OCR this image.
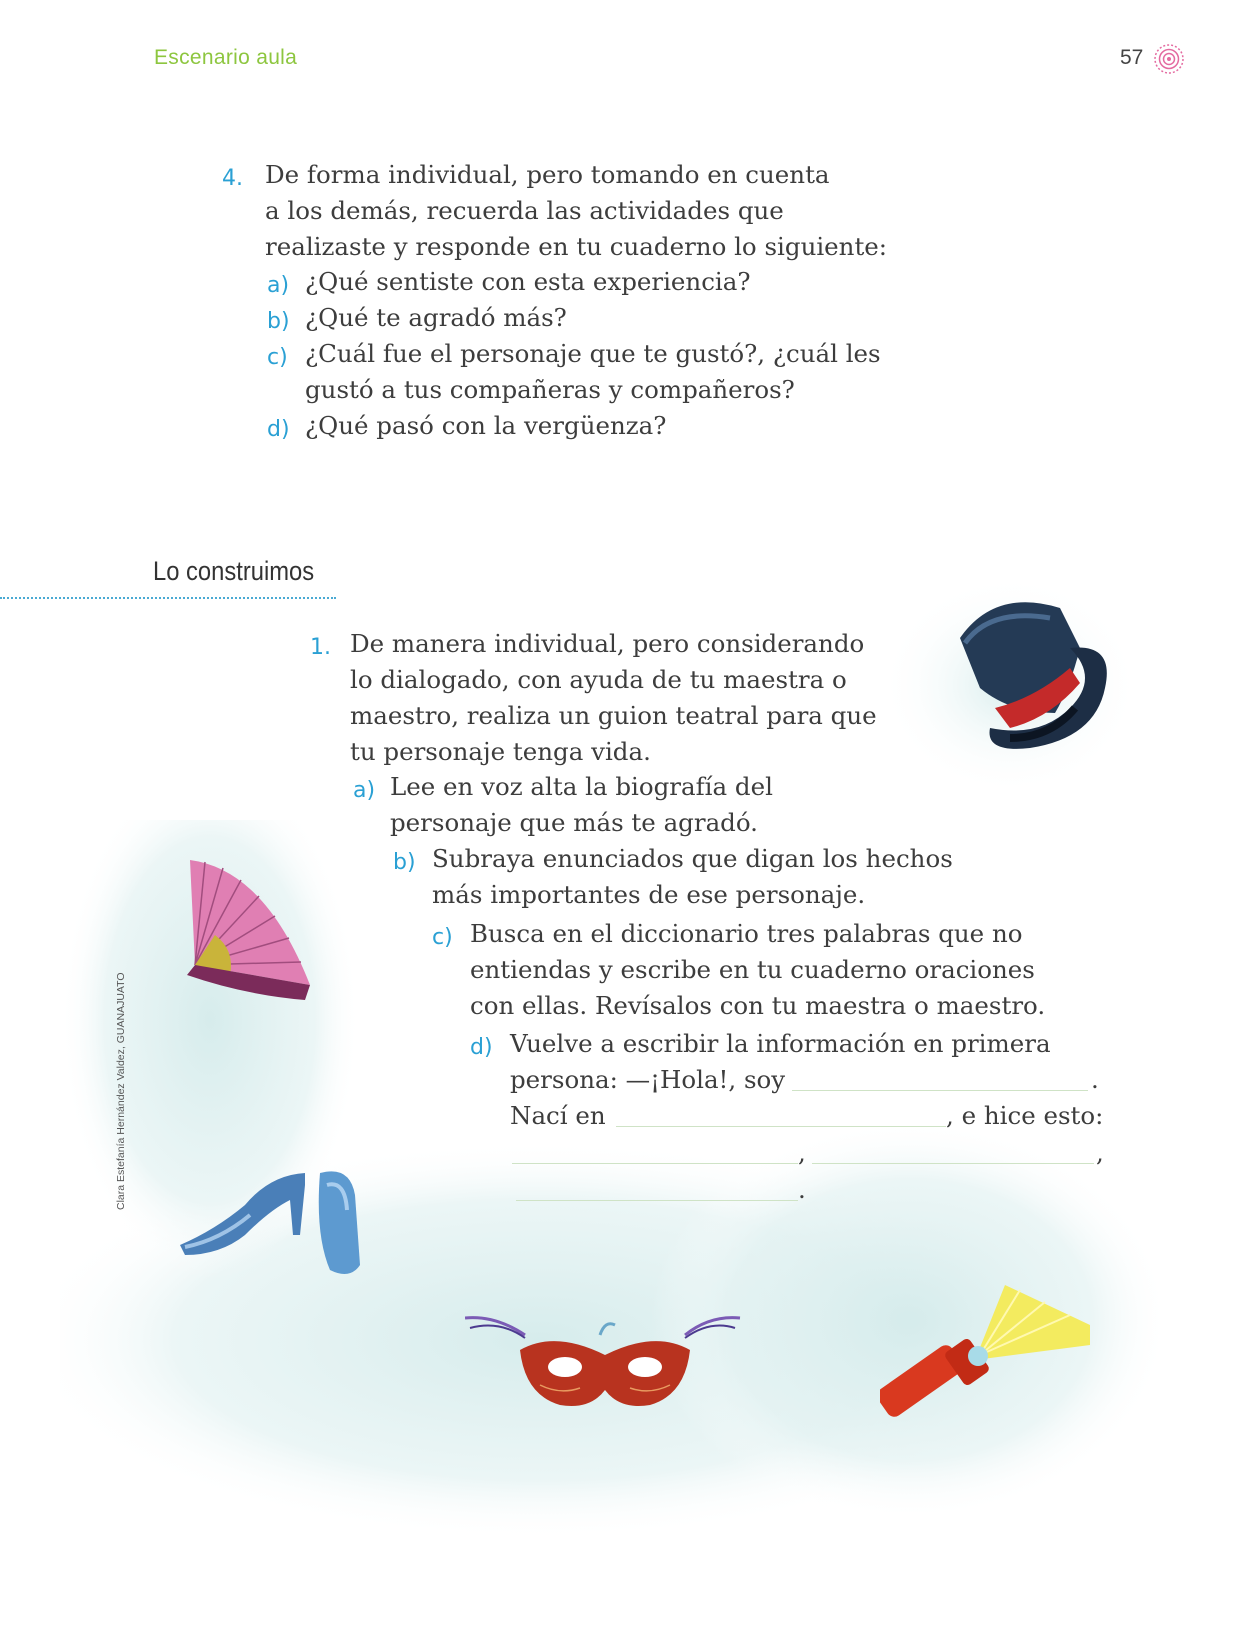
Escenario aula	57
4. De forma individual, pero tomando en cuenta
a los demás, recuerda las actividades que
realizaste y responde en tu cuaderno lo siguiente:
a) ¿Qué sentiste con esta experiencia?
b) ¿Qué te agradó más?
c) ¿Cuál fue el personaje que te gustó?, ¿cuál les
gustó a tus compañeras y compañeros?
d) ¿Qué pasó con la vergüenza?
Lo construimos
1. De manera individual, pero considerando
lo dialogado, con ayuda de tu maestra o
maestro, realiza un guion teatral para que
tu personaje tenga vida.
a) Lee en voz alta la biografía del
personaje que más te agradó.
b) Subraya enunciados que digan los hechos
más importantes de ese personaje.
c) Busca en el diccionario tres palabras que no
entiendas y escribe en tu cuaderno oraciones
con ellas. Revísalos con tu maestra o maestro.
d) Vuelve a escribir la información en primera
persona: —¡Hola!, soy	.
Nací en	, e hice esto:
,	,
.
Clara Estefanía Hernández Valdez, GUANAJUATO
